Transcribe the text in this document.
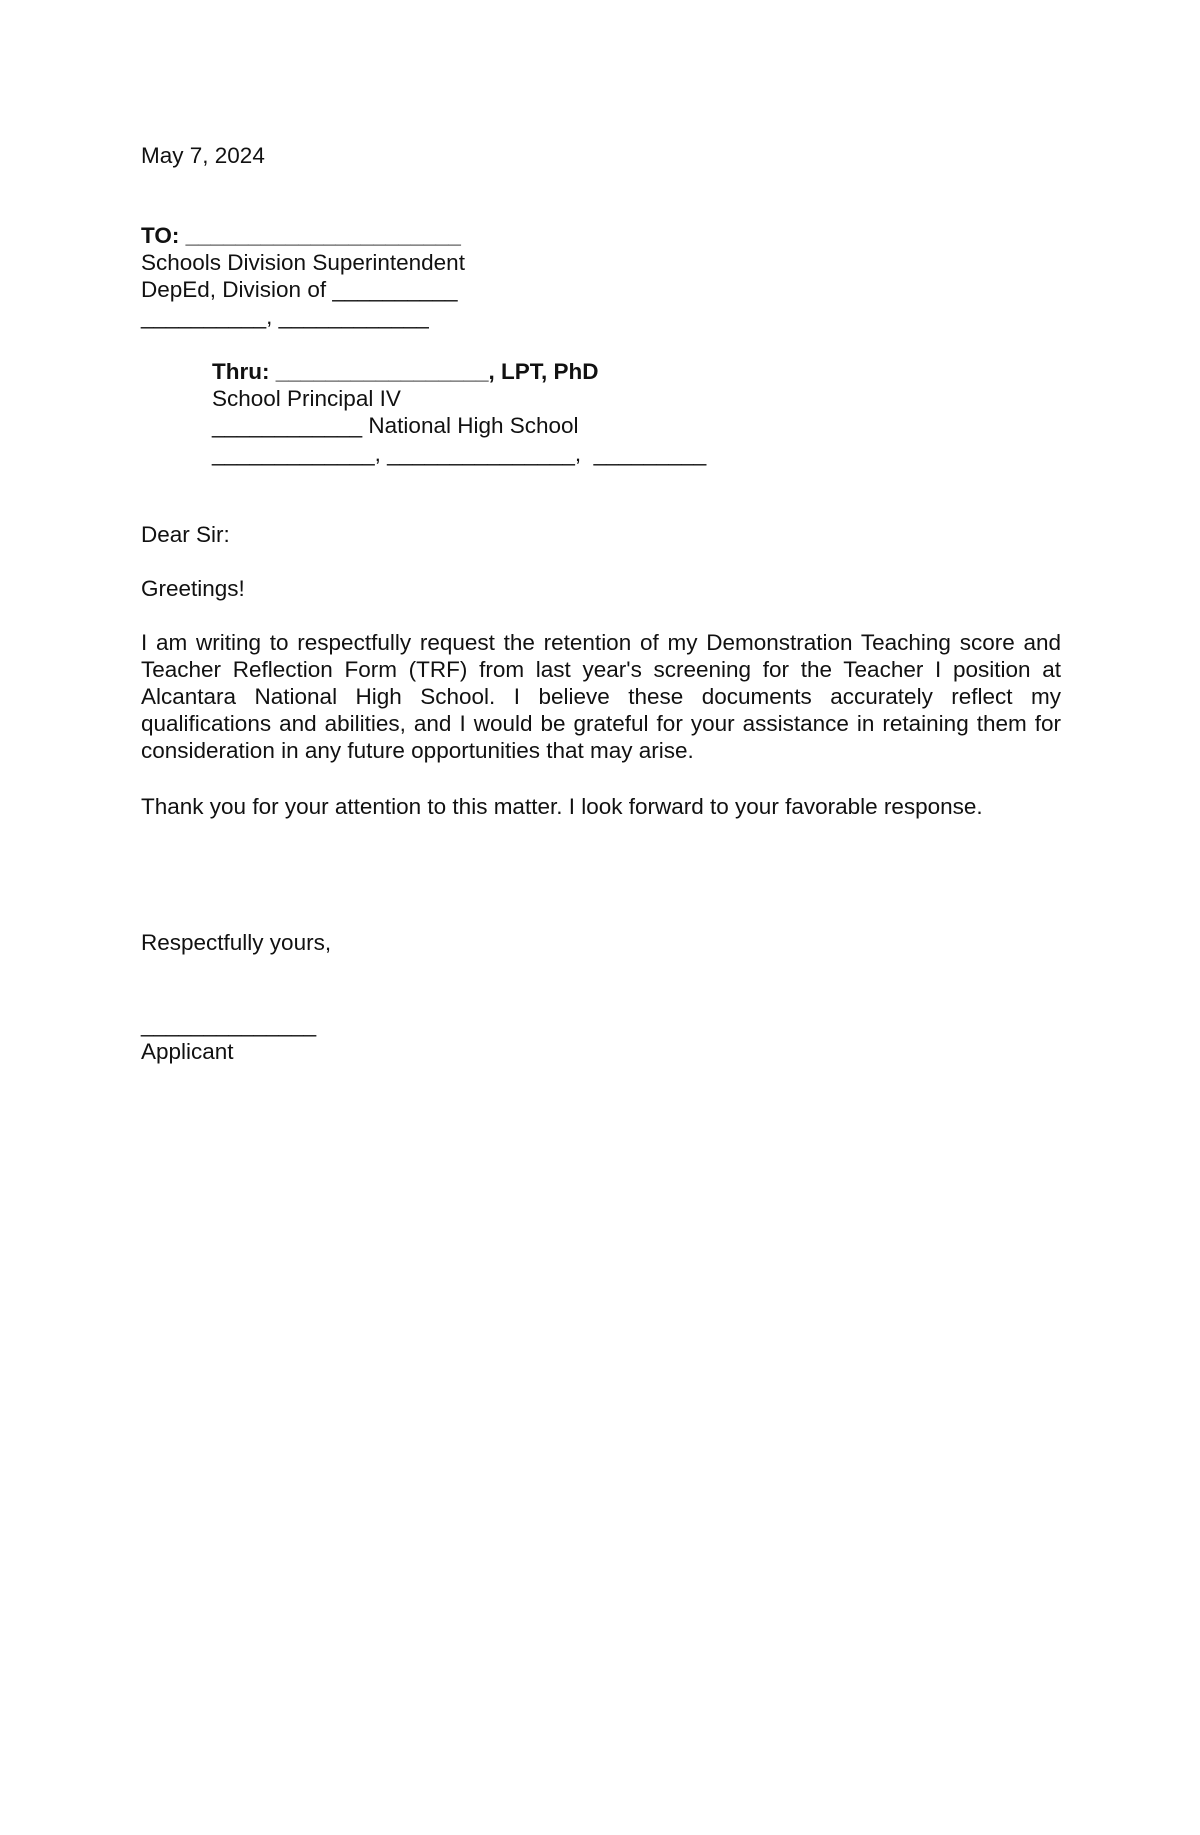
May 7, 2024
TO: ______________________
Schools Division Superintendent
DepEd, Division of __________
__________, ____________
Thru: _________________, LPT, PhD
School Principal IV
____________ National High School
_____________, _______________,  _________
Dear Sir:
Greetings!
I am writing to respectfully request the retention of my Demonstration Teaching score and Teacher Reflection Form (TRF) from last year's screening for the Teacher I position at Alcantara National High School. I believe these documents accurately reflect my qualifications and abilities, and I would be grateful for your assistance in retaining them for consideration in any future opportunities that may arise.
Thank you for your attention to this matter. I look forward to your favorable response.
Respectfully yours,
______________
Applicant
